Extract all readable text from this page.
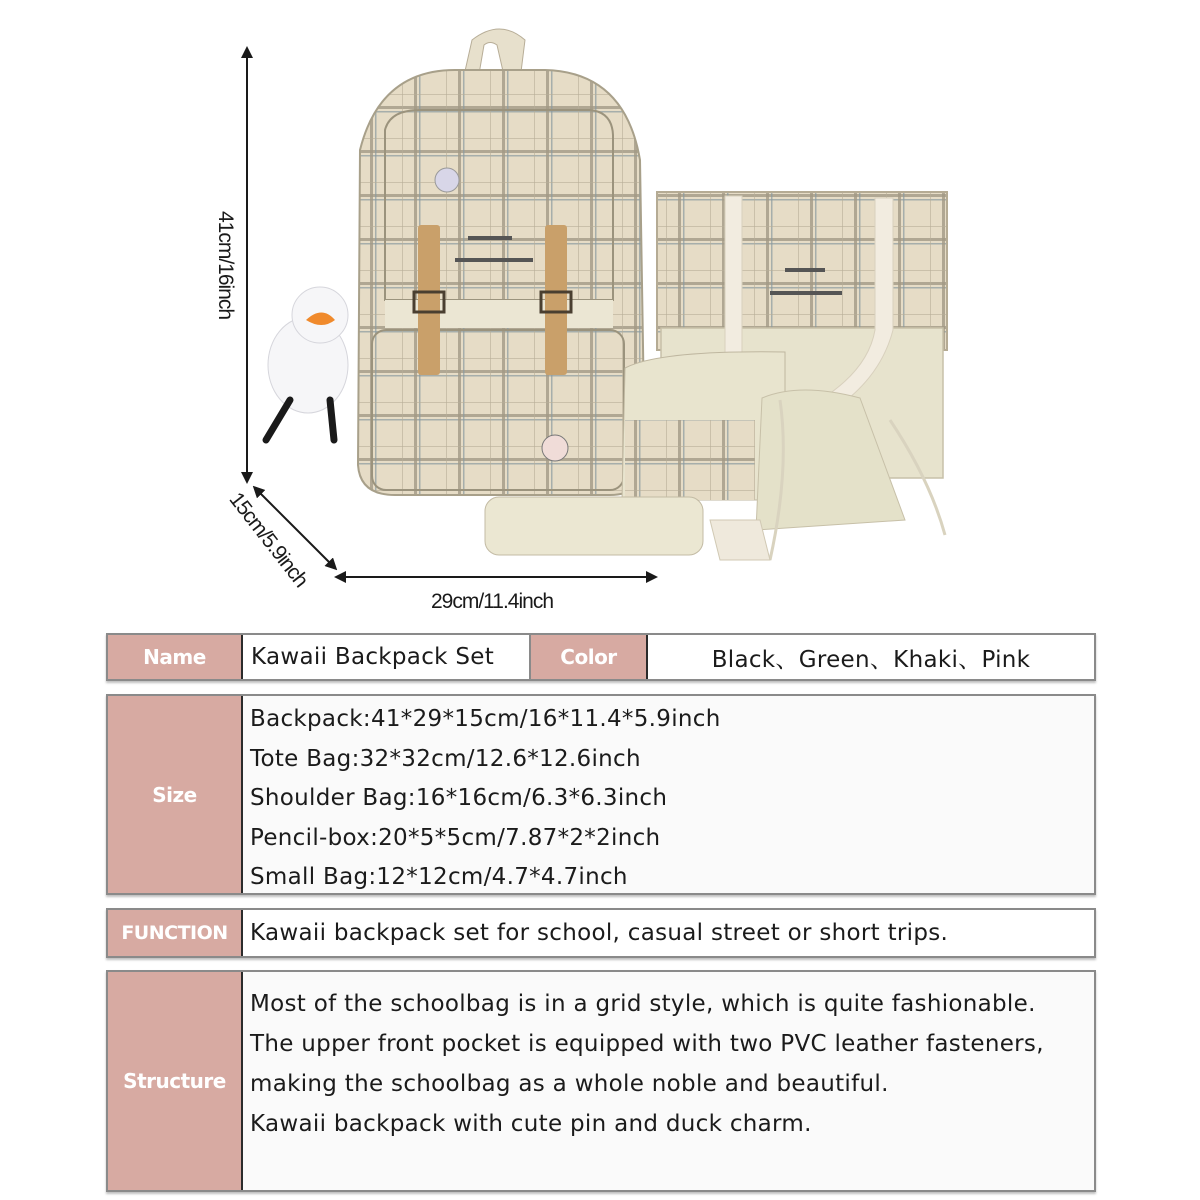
41cm/16inch
15cm/5.9inch
29cm/11.4inch
Name	Kawaii Backpack Set	Color	Black、Green、Khaki、Pink
Size
Backpack:41*29*15cm/16*11.4*5.9inch
Tote Bag:32*32cm/12.6*12.6inch
Shoulder Bag:16*16cm/6.3*6.3inch
Pencil-box:20*5*5cm/7.87*2*2inch
Small Bag:12*12cm/4.7*4.7inch
FUNCTION Kawaii backpack set for school, casual street or short trips.
Structure

Most of the schoolbag is in a grid style, which is quite fashionable. The upper front pocket is equipped with two PVC leather fasteners, making the schoolbag as a whole noble and beautiful.

Kawaii backpack with cute pin and duck charm.
